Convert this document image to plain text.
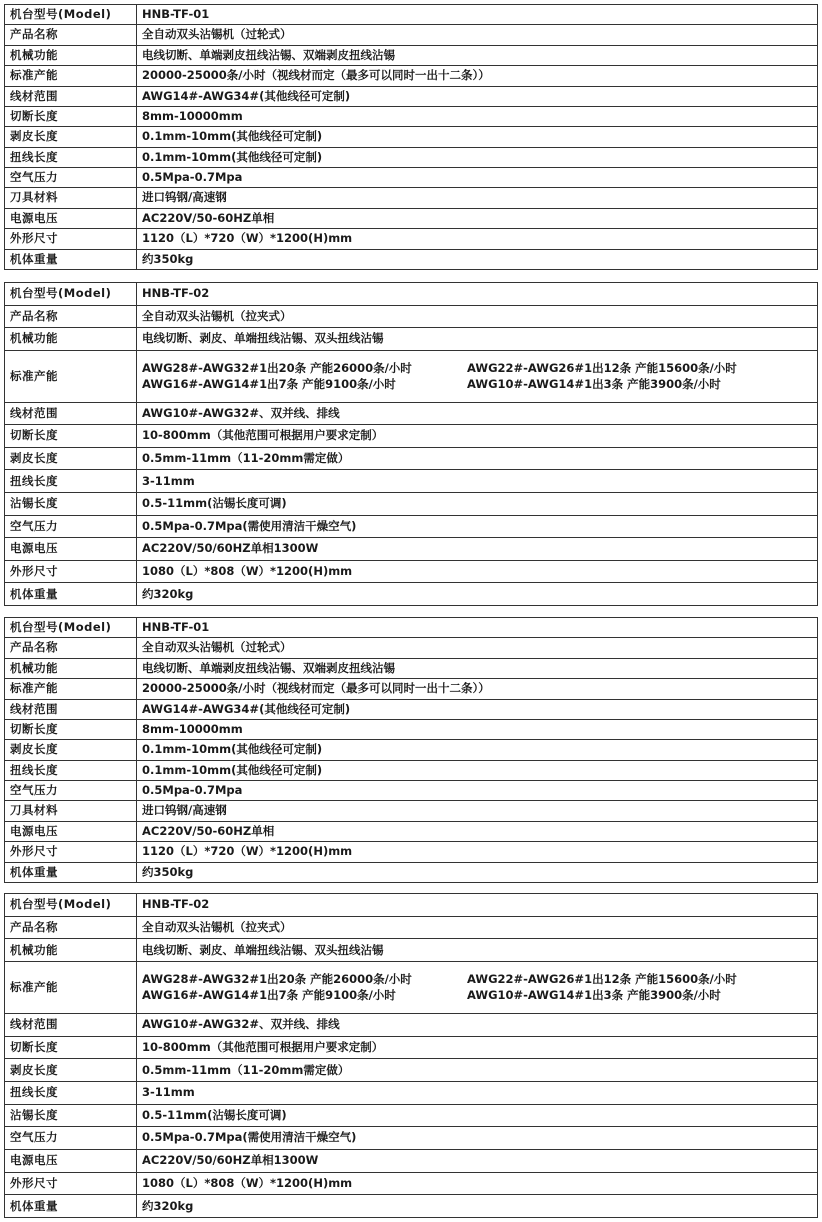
机台型号(Model)	HNB-TF-01
产品名称	全自动双头沾锡机（过轮式）
机械功能	电线切断、单端剥皮扭线沾锡、双端剥皮扭线沾锡
标准产能	20000-25000条/小时（视线材而定（最多可以同时一出十二条））
线材范围	AWG14#-AWG34#(其他线径可定制)
切断长度	8mm-10000mm
剥皮长度	0.1mm-10mm(其他线径可定制)
扭线长度	0.1mm-10mm(其他线径可定制)
空气压力	0.5Mpa-0.7Mpa
刀具材料	进口钨钢/高速钢
电源电压	AC220V/50-60HZ单相
外形尺寸	1120（L）*720（W）*1200(H)mm
机体重量	约350kg
机台型号(Model)	HNB-TF-02
产品名称	全自动双头沾锡机（拉夹式）
机械功能	电线切断、剥皮、单端扭线沾锡、双头扭线沾锡
标准产能	AWG28#-AWG32#1出20条 产能26000条/小时 AWG22#-AWG26#1出12条 产能15600条/小时
AWG16#-AWG14#1出7条 产能9100条/小时 AWG10#-AWG14#1出3条 产能3900条/小时

线材范围	AWG10#-AWG32#、双并线、排线
切断长度	10-800mm（其他范围可根据用户要求定制）
剥皮长度	0.5mm-11mm（11-20mm需定做）
扭线长度	3-11mm
沾锡长度	0.5-11mm(沾锡长度可调)
空气压力	0.5Mpa-0.7Mpa(需使用清洁干燥空气)
电源电压	AC220V/50/60HZ单相1300W
外形尺寸	1080（L）*808（W）*1200(H)mm
机体重量	约320kg
机台型号(Model)	HNB-TF-01
产品名称	全自动双头沾锡机（过轮式）
机械功能	电线切断、单端剥皮扭线沾锡、双端剥皮扭线沾锡
标准产能	20000-25000条/小时（视线材而定（最多可以同时一出十二条））
线材范围	AWG14#-AWG34#(其他线径可定制)
切断长度	8mm-10000mm
剥皮长度	0.1mm-10mm(其他线径可定制)
扭线长度	0.1mm-10mm(其他线径可定制)
空气压力	0.5Mpa-0.7Mpa
刀具材料	进口钨钢/高速钢
电源电压	AC220V/50-60HZ单相
外形尺寸	1120（L）*720（W）*1200(H)mm
机体重量	约350kg
机台型号(Model)	HNB-TF-02
产品名称	全自动双头沾锡机（拉夹式）
机械功能	电线切断、剥皮、单端扭线沾锡、双头扭线沾锡
标准产能	AWG28#-AWG32#1出20条 产能26000条/小时 AWG22#-AWG26#1出12条 产能15600条/小时
AWG16#-AWG14#1出7条 产能9100条/小时 AWG10#-AWG14#1出3条 产能3900条/小时

线材范围	AWG10#-AWG32#、双并线、排线
切断长度	10-800mm（其他范围可根据用户要求定制）
剥皮长度	0.5mm-11mm（11-20mm需定做）
扭线长度	3-11mm
沾锡长度	0.5-11mm(沾锡长度可调)
空气压力	0.5Mpa-0.7Mpa(需使用清洁干燥空气)
电源电压	AC220V/50/60HZ单相1300W
外形尺寸	1080（L）*808（W）*1200(H)mm
机体重量	约320kg
